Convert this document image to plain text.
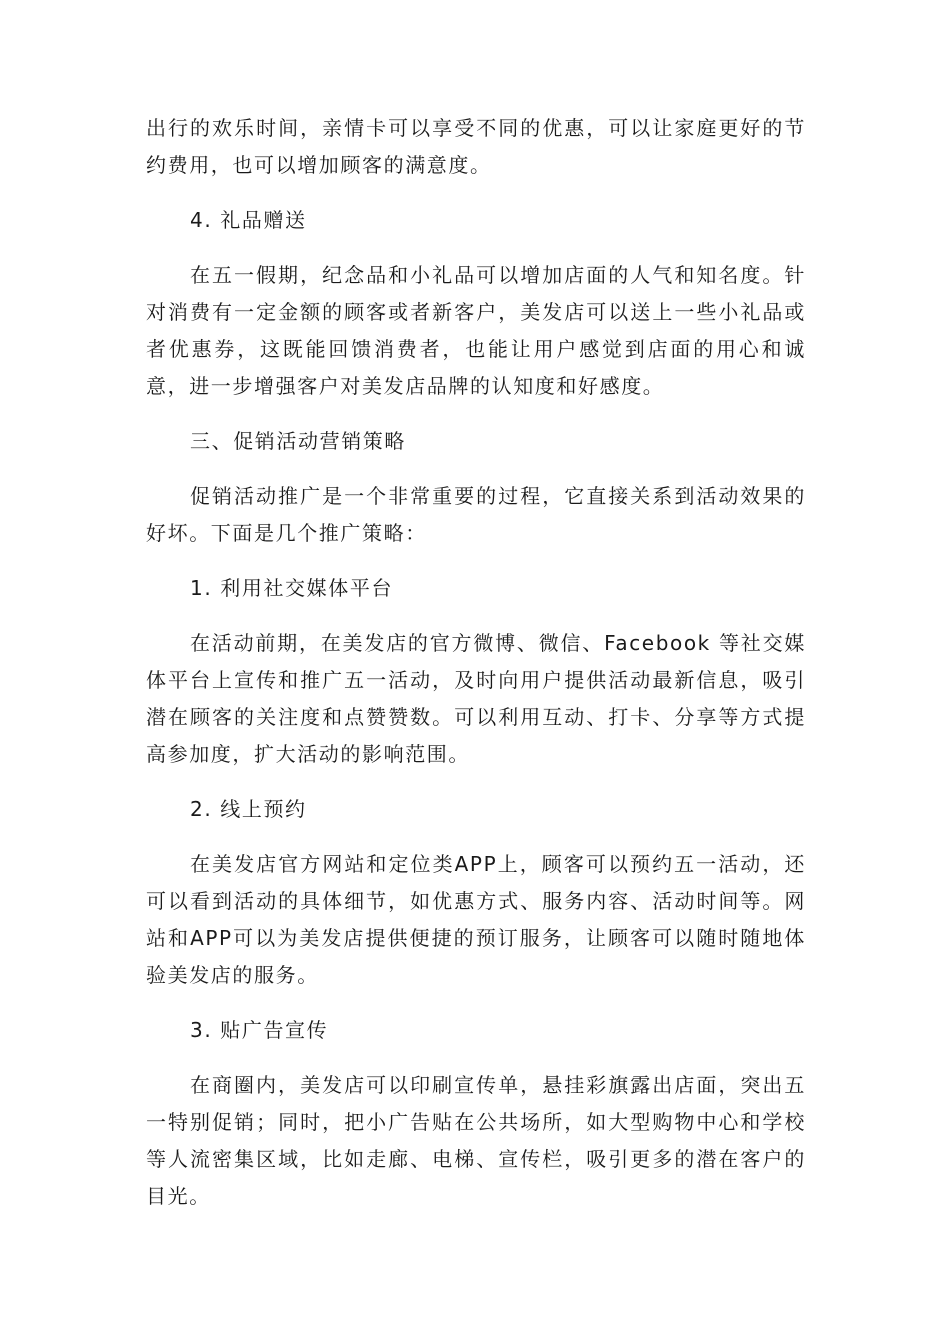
出行的欢乐时间，亲情卡可以享受不同的优惠，可以让家庭更好的节约费用，也可以增加顾客的满意度。

4. 礼品赠送

在五一假期，纪念品和小礼品可以增加店面的人气和知名度。针对消费有一定金额的顾客或者新客户，美发店可以送上一些小礼品或者优惠券，这既能回馈消费者，也能让用户感觉到店面的用心和诚意，进一步增强客户对美发店品牌的认知度和好感度。

三、促销活动营销策略

促销活动推广是一个非常重要的过程，它直接关系到活动效果的好坏。下面是几个推广策略：

1. 利用社交媒体平台

在活动前期，在美发店的官方微博、微信、Facebook 等社交媒体平台上宣传和推广五一活动，及时向用户提供活动最新信息，吸引潜在顾客的关注度和点赞赞数。可以利用互动、打卡、分享等方式提高参加度，扩大活动的影响范围。

2. 线上预约

在美发店官方网站和定位类APP上，顾客可以预约五一活动，还可以看到活动的具体细节，如优惠方式、服务内容、活动时间等。网站和APP可以为美发店提供便捷的预订服务，让顾客可以随时随地体验美发店的服务。

3. 贴广告宣传

在商圈内，美发店可以印刷宣传单，悬挂彩旗露出店面，突出五一特别促销；同时，把小广告贴在公共场所，如大型购物中心和学校等人流密集区域，比如走廊、电梯、宣传栏，吸引更多的潜在客户的目光。
